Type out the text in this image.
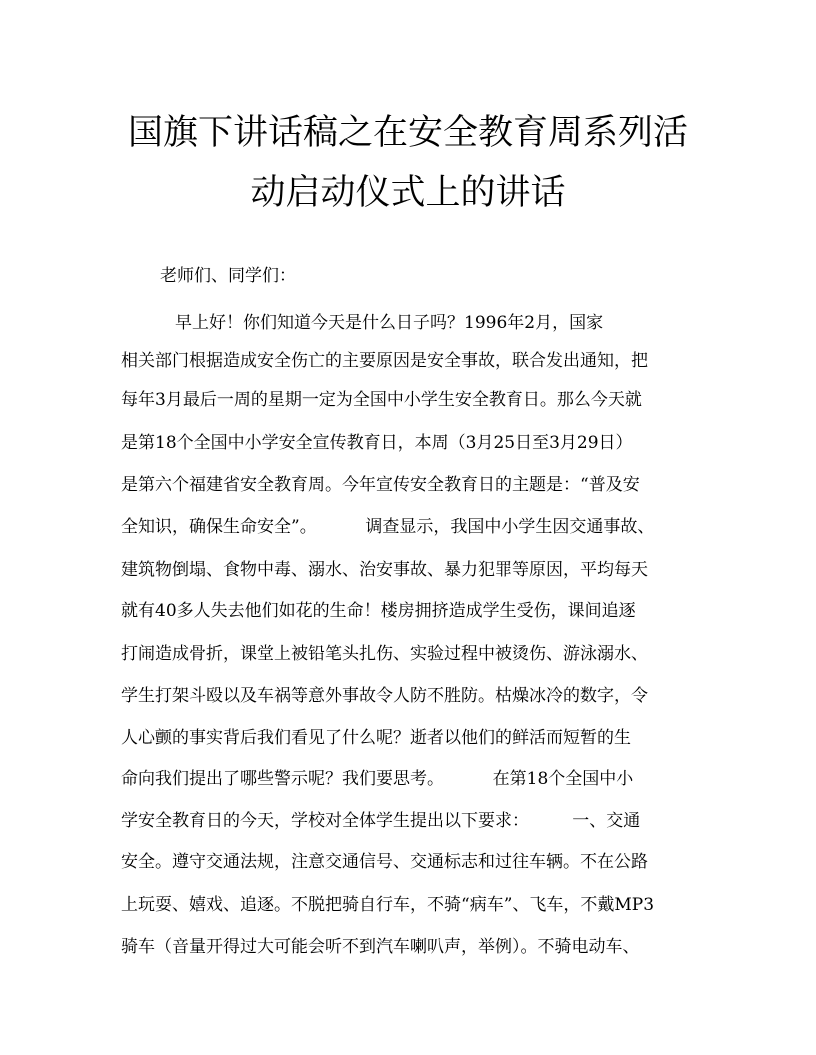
国旗下讲话稿之在安全教育周系列活
动启动仪式上的讲话
老师们、同学们：
早上好！你们知道今天是什么日子吗？1996年2月，国家
相关部门根据造成安全伤亡的主要原因是安全事故，联合发出通知，把
每年3月最后一周的星期一定为全国中小学生安全教育日。那么今天就
是第18个全国中小学安全宣传教育日，本周（3月25日至3月29日）
是第六个福建省安全教育周。今年宣传安全教育日的主题是：“普及安
全知识，确保生命安全”。         调查显示，我国中小学生因交通事故、
建筑物倒塌、食物中毒、溺水、治安事故、暴力犯罪等原因，平均每天
就有40多人失去他们如花的生命！楼房拥挤造成学生受伤，课间追逐
打闹造成骨折，课堂上被铅笔头扎伤、实验过程中被烫伤、游泳溺水、
学生打架斗殴以及车祸等意外事故令人防不胜防。枯燥冰冷的数字，令
人心颤的事实背后我们看见了什么呢？逝者以他们的鲜活而短暂的生
命向我们提出了哪些警示呢？我们要思考。         在第18个全国中小
学安全教育日的今天，学校对全体学生提出以下要求：        一、交通
安全。遵守交通法规，注意交通信号、交通标志和过往车辆。不在公路
上玩耍、嬉戏、追逐。不脱把骑自行车，不骑“病车”、飞车，不戴MP3
骑车（音量开得过大可能会听不到汽车喇叭声，举例）。不骑电动车、
